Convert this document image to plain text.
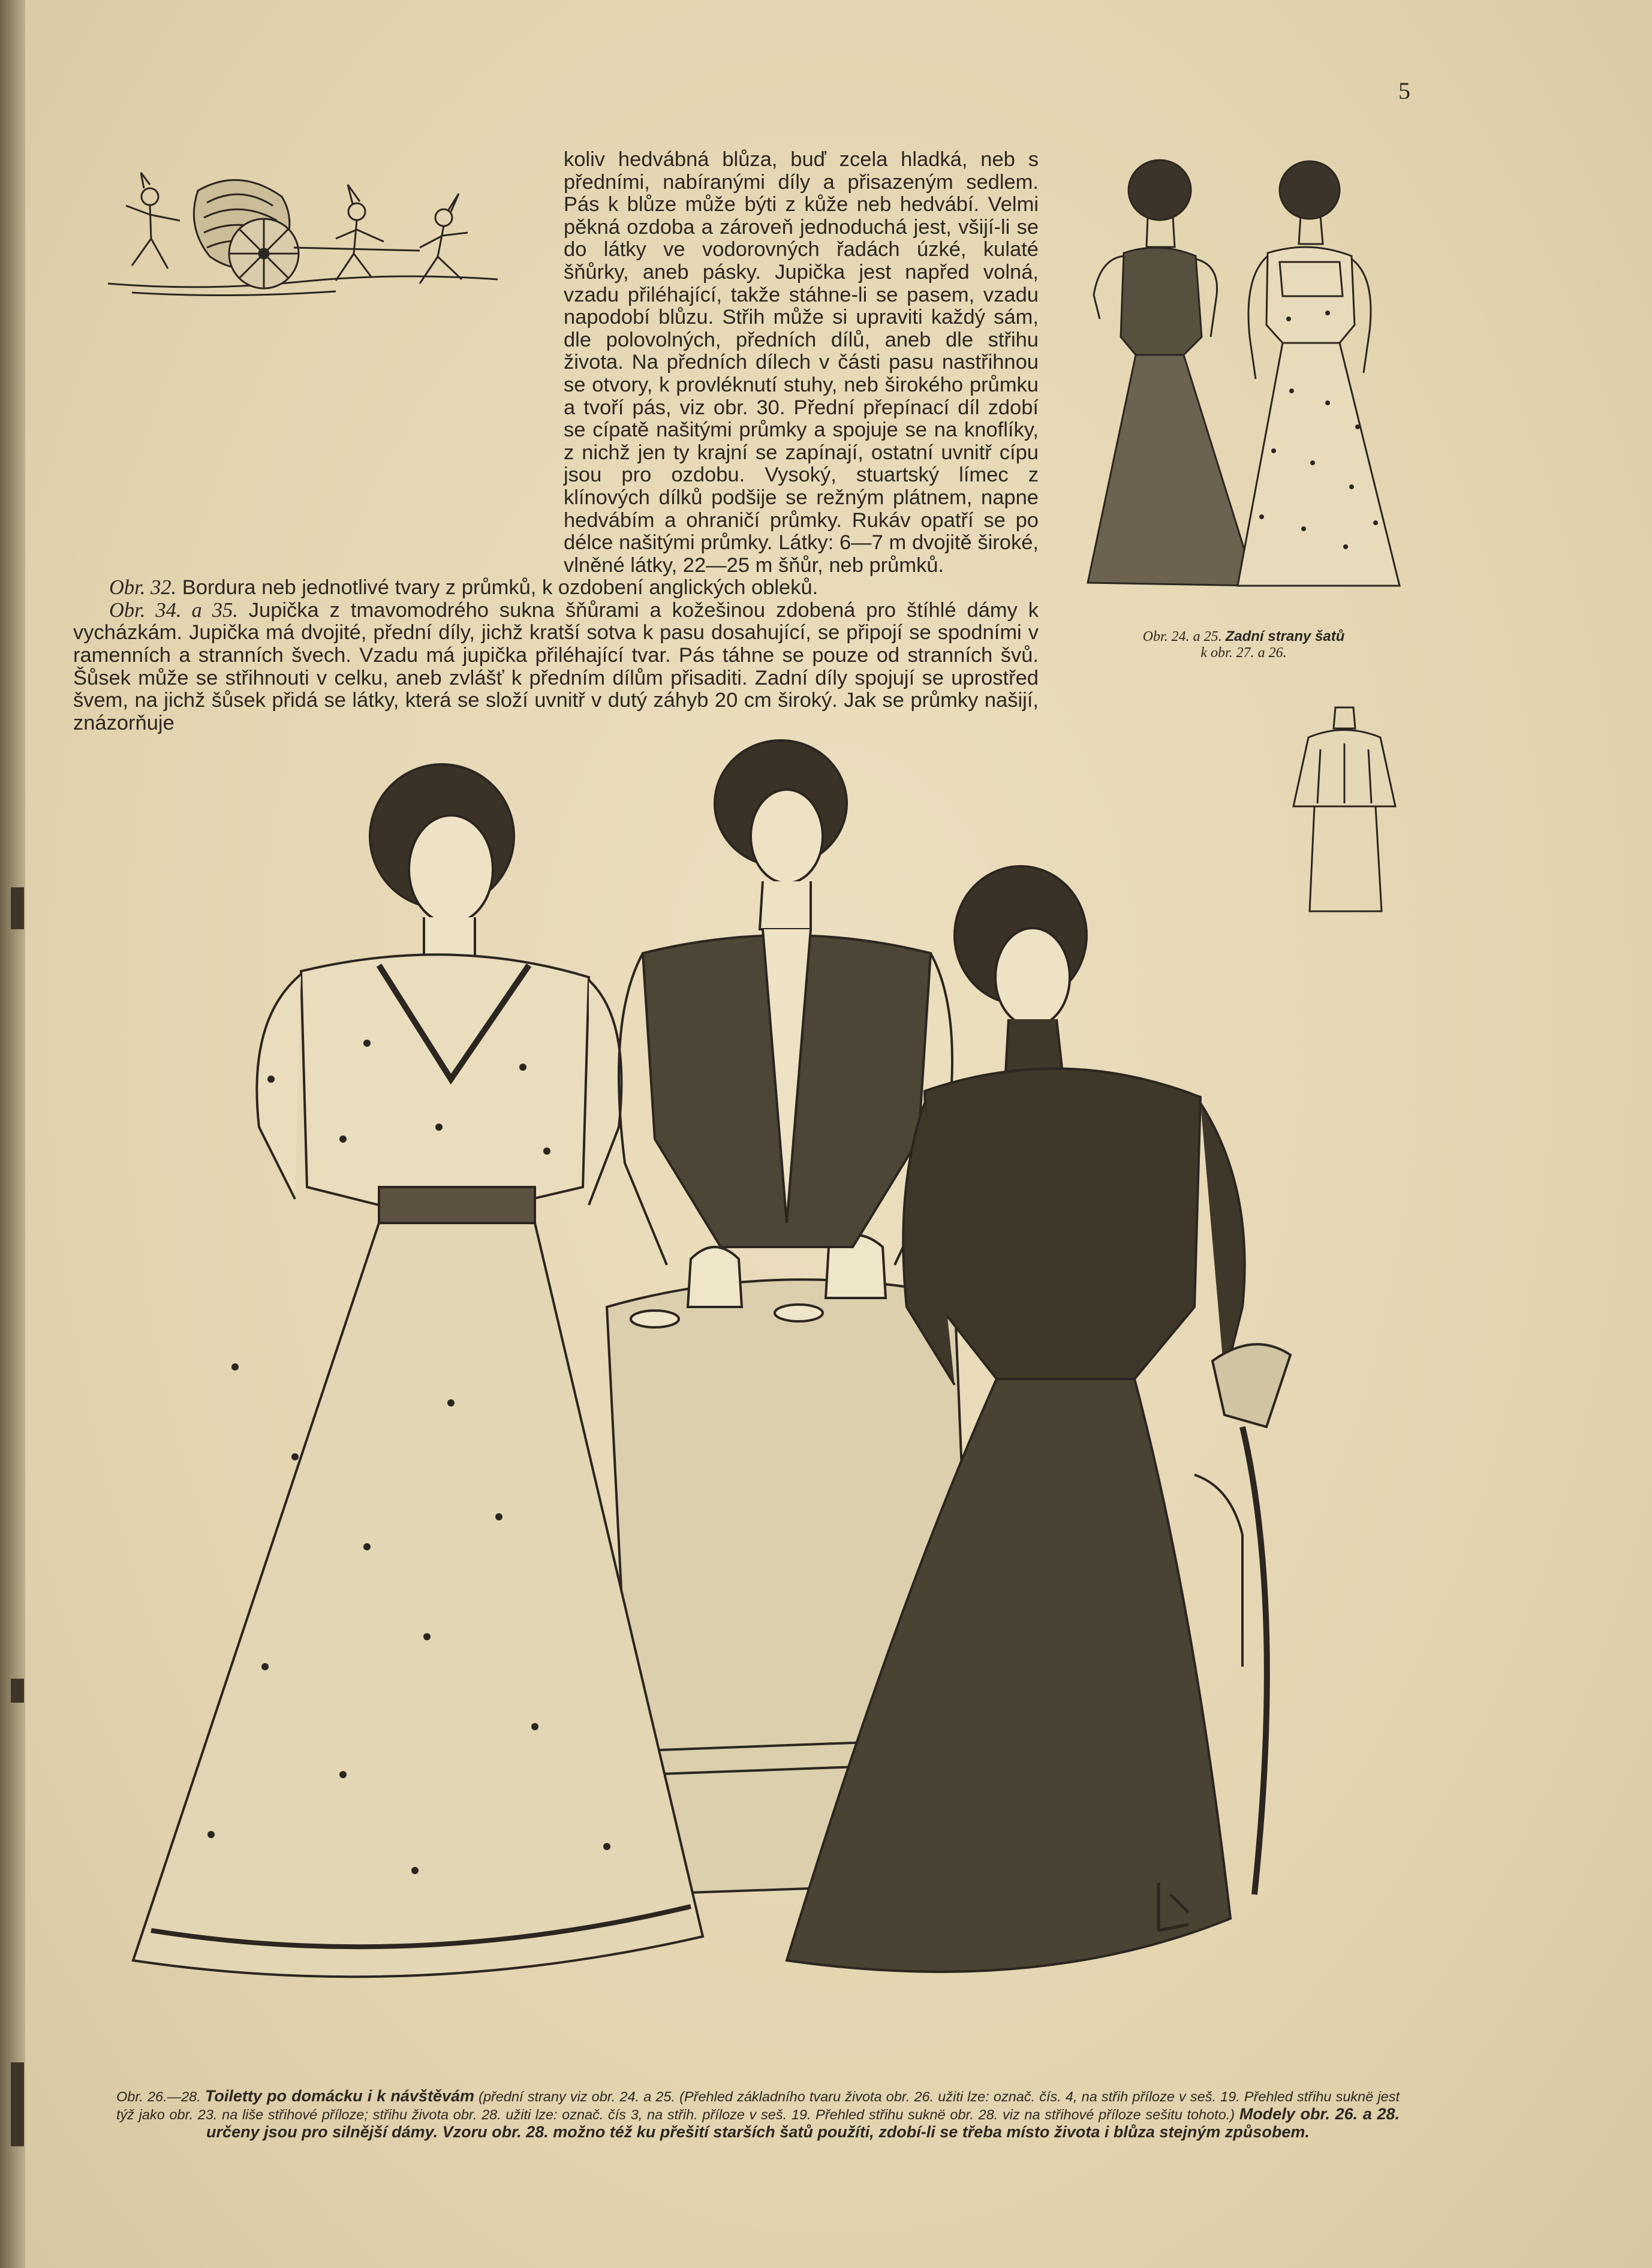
5

koliv hedvábná blůza, buď zcela hladká, neb s předními, nabíranými díly a přisazeným sedlem. Pás k blůze může býti z kůže neb hedvábí. Velmi pěkná ozdoba a zároveň jednoduchá jest, všijí-li se do látky ve vodorovných řadách úzké, kulaté šňůrky, aneb pásky. Jupička jest napřed volná, vzadu přiléhající, takže stáhne-li se pasem, vzadu napodobí blůzu. Střih může si upraviti každý sám, dle polovolných, předních dílů, aneb dle střihu života. Na předních dílech v části pasu nastřihnou se otvory, k provléknutí stuhy, neb širokého průmku a tvoří pás, viz obr. 30. Přední přepínací díl zdobí se cípatě našitými průmky a spojuje se na knoflíky, z nichž jen ty krajní se zapínají, ostatní uvnitř cípu jsou pro ozdobu. Vysoký, stuartský límec z klínových dílků podšije se režným plátnem, napne hedvábím a ohraničí průmky. Rukáv opatří se po délce našitými průmky. Látky: 6—7 m dvojitě široké, vlněné látky, 22—25 m šňůr, neb průmků.

Obr. 32. Bordura neb jednotlivé tvary z průmků, k ozdobení anglických obleků.

Obr. 34. a 35. Jupička z tmavomodrého sukna šňůrami a kožešinou zdobená pro štíhlé dámy k vycházkám. Jupička má dvojité, přední díly, jichž kratší sotva k pasu dosahující, se připojí se spodními v ramenních a stranních švech. Vzadu má jupička přiléhající tvar. Pás táhne se pouze od stranních švů. Šůsek může se střihnouti v celku, aneb zvlášť k předním dílům přisaditi. Zadní díly spojují se uprostřed švem, na jichž šůsek přidá se látky, která se složí uvnitř v dutý záhyb 20 cm široký. Jak se průmky našijí, znázorňuje

Obr. 24. a 25. Zadní strany šatů
k obr. 27. a 26.
Obr. 26.—28. Toiletty po domácku i k návštěvám (přední strany viz obr. 24. a 25. (Přehled základního tvaru života obr. 26. užiti lze: označ. čís. 4, na střih příloze v seš. 19. Přehled střihu suknë jest týž jako obr. 23. na liše střihové příloze; střihu života obr. 28. užiti lze: označ. čís 3, na střih. příloze v seš. 19. Přehled střihu suknë obr. 28. viz na střihové příloze sešitu tohoto.) Modely obr. 26. a 28. určeny jsou pro silnější dámy. Vzoru obr. 28. možno též ku přešití starších šatů použíti, zdobí-li se třeba místo života i blůza stejným způsobem.
